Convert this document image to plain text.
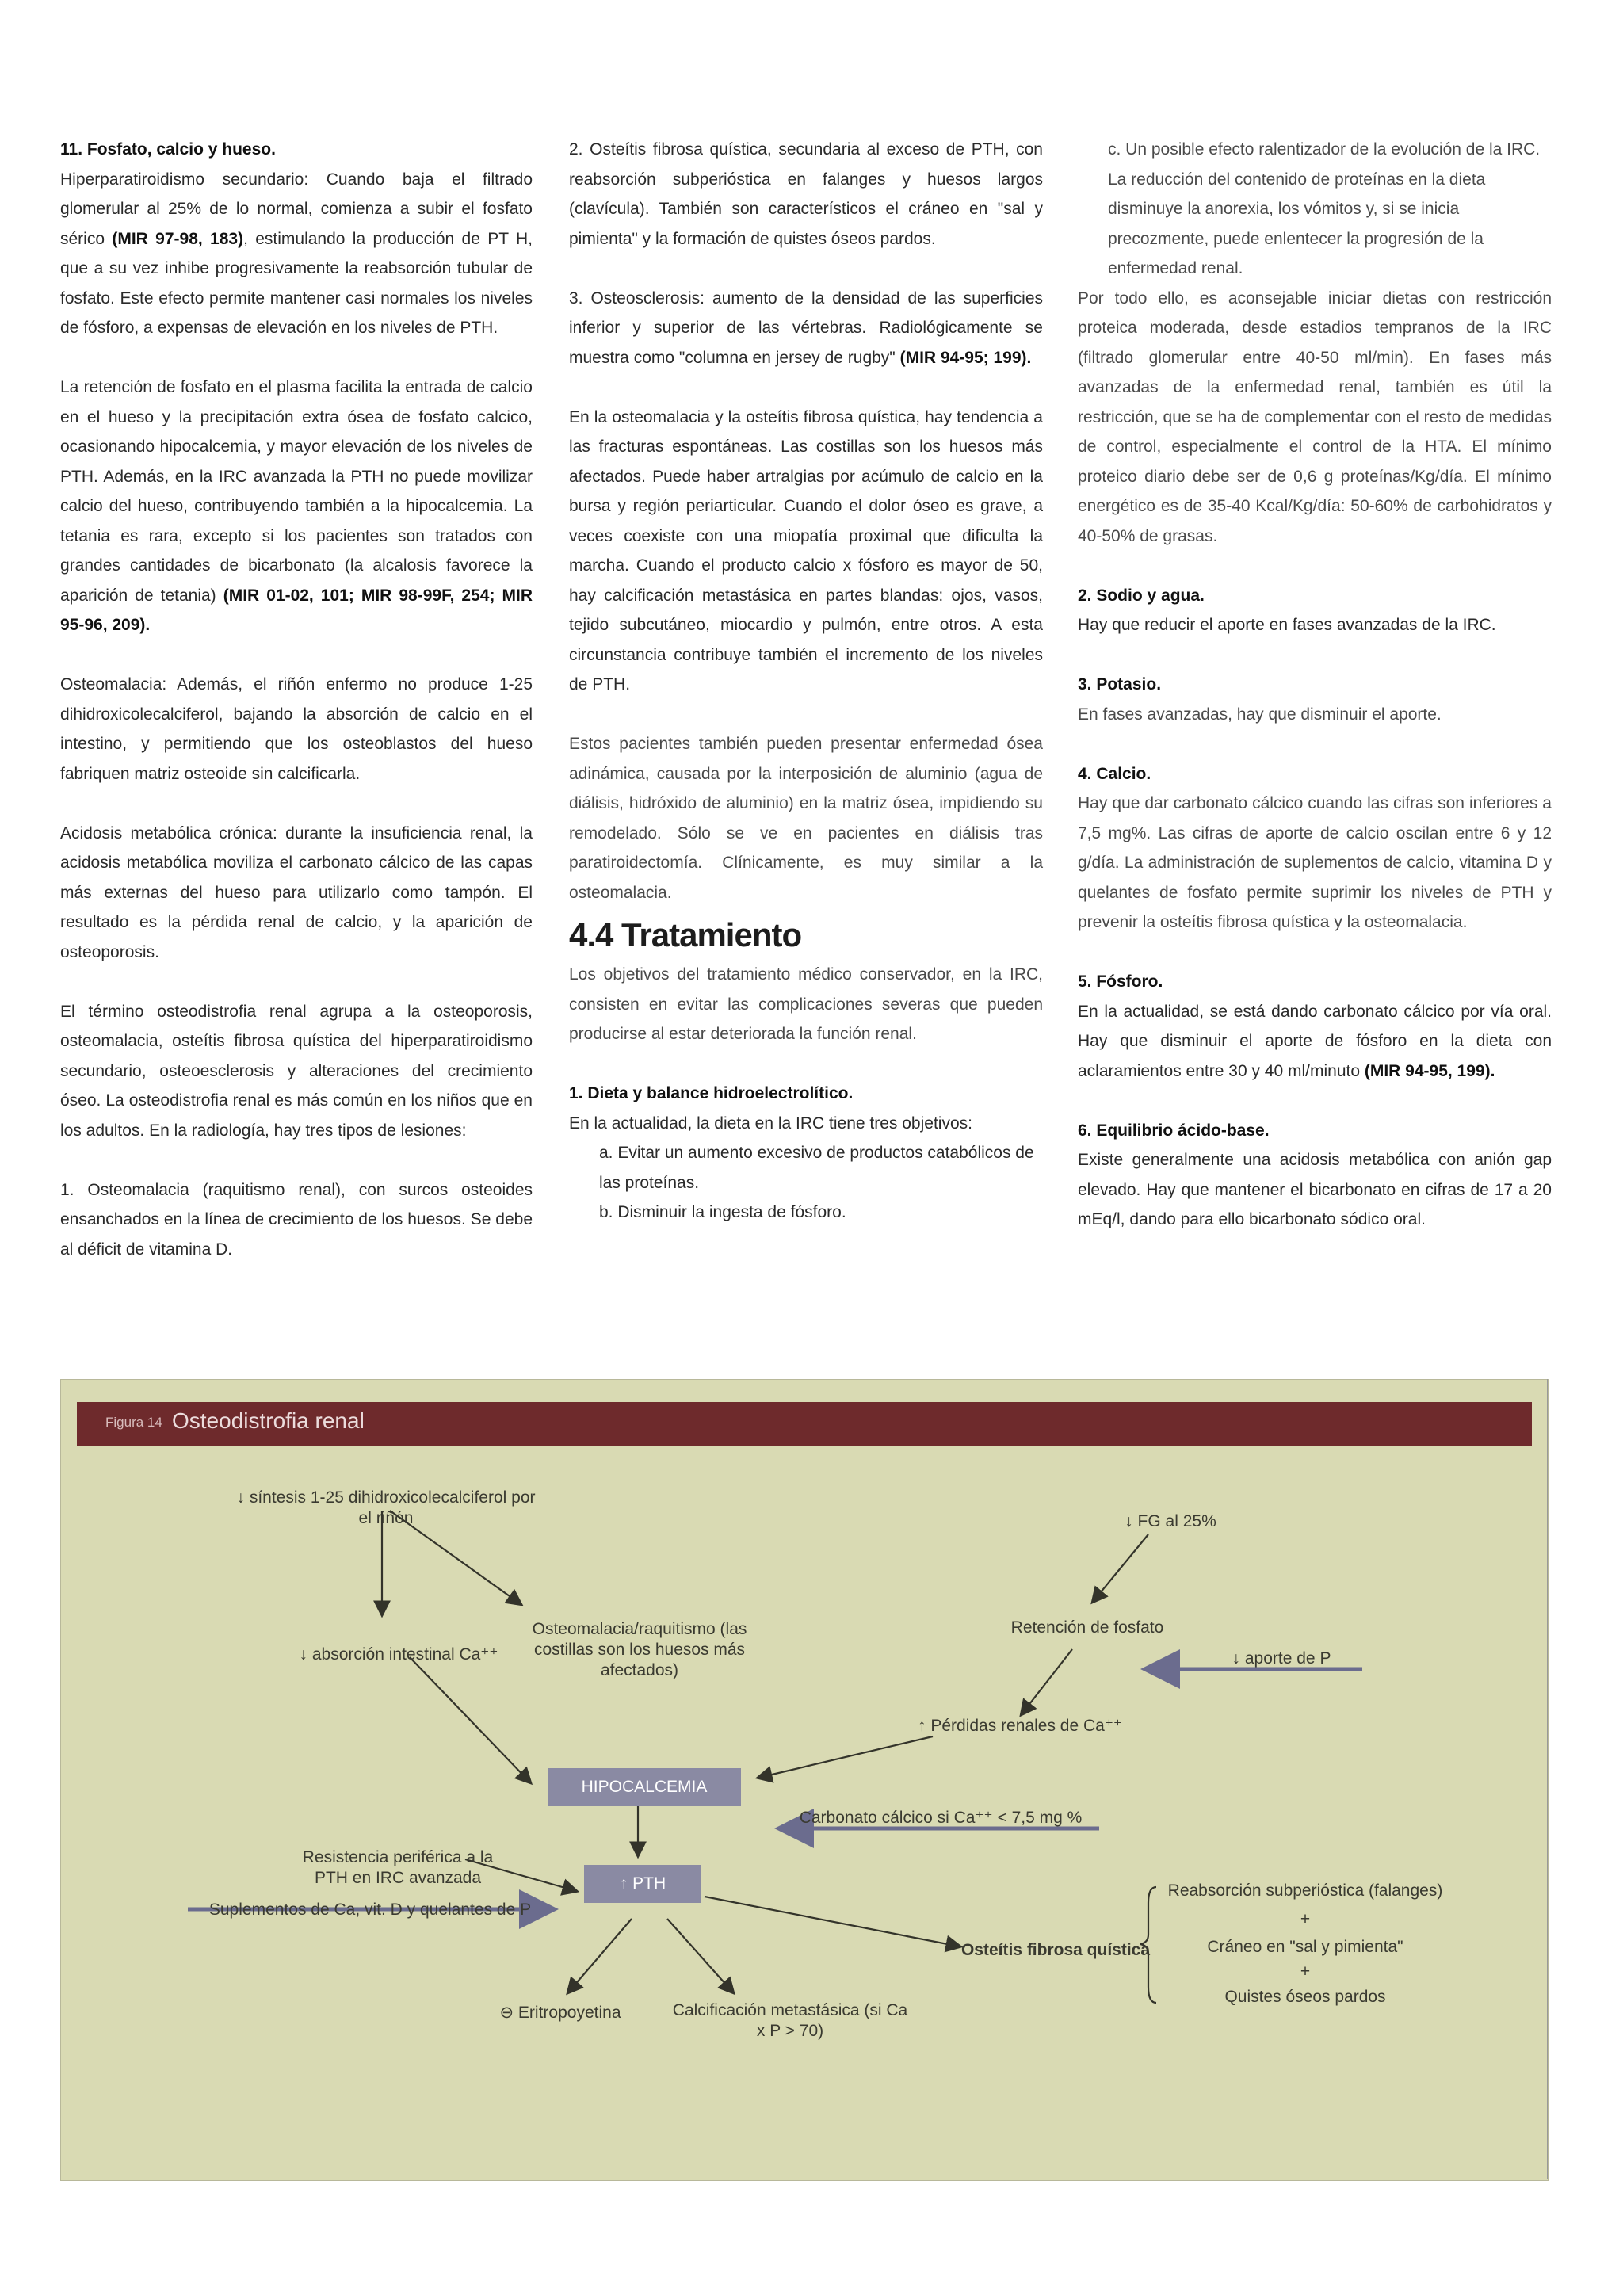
11. Fosfato, calcio y hueso.

Hiperparatiroidismo secundario: Cuando baja el filtrado glomerular al 25% de lo normal, comienza a subir el fosfato sérico (MIR 97-98, 183), estimulando la producción de PT H, que a su vez inhibe progresivamente la reabsorción tubular de fosfato. Este efecto permite mantener casi normales los niveles de fósforo, a expensas de elevación en los niveles de PTH.

La retención de fosfato en el plasma facilita la entrada de calcio en el hueso y la precipitación extra ósea de fosfato calcico, ocasionando hipocalcemia, y mayor elevación de los niveles de PTH. Además, en la IRC avanzada la PTH no puede movilizar calcio del hueso, contribuyendo también a la hipocalcemia. La tetania es rara, excepto si los pacientes son tratados con grandes cantidades de bicarbonato (la alcalosis favorece la aparición de tetania) (MIR 01-02, 101; MIR 98-99F, 254; MIR 95-96, 209).

Osteomalacia: Además, el riñón enfermo no produce 1-25 dihidroxicolecalciferol, bajando la absorción de calcio en el intestino, y permitiendo que los osteoblastos del hueso fabriquen matriz osteoide sin calcificarla.

Acidosis metabólica crónica: durante la insuficiencia renal, la acidosis metabólica moviliza el carbonato cálcico de las capas más externas del hueso para utilizarlo como tampón. El resultado es la pérdida renal de calcio, y la aparición de osteoporosis.

El término osteodistrofia renal agrupa a la osteoporosis, osteomalacia, osteítis fibrosa quística del hiperparatiroidismo secundario, osteoesclerosis y alteraciones del crecimiento óseo. La osteodistrofia renal es más común en los niños que en los adultos. En la radiología, hay tres tipos de lesiones:

1. Osteomalacia (raquitismo renal), con surcos osteoides ensanchados en la línea de crecimiento de los huesos. Se debe al déficit de vitamina D.

2. Osteítis fibrosa quística, secundaria al exceso de PTH, con reabsorción subperióstica en falanges y huesos largos (clavícula). También son característicos el cráneo en "sal y pimienta" y la formación de quistes óseos pardos.

3. Osteosclerosis: aumento de la densidad de las superficies inferior y superior de las vértebras. Radiológicamente se muestra como "columna en jersey de rugby" (MIR 94-95; 199).

En la osteomalacia y la osteítis fibrosa quística, hay tendencia a las fracturas espontáneas. Las costillas son los huesos más afectados. Puede haber artralgias por acúmulo de calcio en la bursa y región periarticular. Cuando el dolor óseo es grave, a veces coexiste con una miopatía proximal que dificulta la marcha. Cuando el producto calcio x fósforo es mayor de 50, hay calcificación metastásica en partes blandas: ojos, vasos, tejido subcutáneo, miocardio y pulmón, entre otros. A esta circunstancia contribuye también el incremento de los niveles de PTH.

Estos pacientes también pueden presentar enfermedad ósea adinámica, causada por la interposición de aluminio (agua de diálisis, hidróxido de aluminio) en la matriz ósea, impidiendo su remodelado. Sólo se ve en pacientes en diálisis tras paratiroidectomía. Clínicamente, es muy similar a la osteomalacia.

4.4 Tratamiento

Los objetivos del tratamiento médico conservador, en la IRC, consisten en evitar las complicaciones severas que pueden producirse al estar deteriorada la función renal.

1. Dieta y balance hidroelectrolítico.

En la actualidad, la dieta en la IRC tiene tres objetivos:

a. Evitar un aumento excesivo de productos catabólicos de las proteínas.

b. Disminuir la ingesta de fósforo.

c. Un posible efecto ralentizador de la evolución de la IRC. La reducción del contenido de proteínas en la dieta disminuye la anorexia, los vómitos y, si se inicia precozmente, puede enlentecer la progresión de la enfermedad renal.

Por todo ello, es aconsejable iniciar dietas con restricción proteica moderada, desde estadios tempranos de la IRC (filtrado glomerular entre 40-50 ml/min). En fases más avanzadas de la enfermedad renal, también es útil la restricción, que se ha de complementar con el resto de medidas de control, especialmente el control de la HTA. El mínimo proteico diario debe ser de 0,6 g proteínas/Kg/día. El mínimo energético es de 35-40 Kcal/Kg/día: 50-60% de carbohidratos y 40-50% de grasas.

2. Sodio y agua.

Hay que reducir el aporte en fases avanzadas de la IRC.

3. Potasio.

En fases avanzadas, hay que disminuir el aporte.

4. Calcio.

Hay que dar carbonato cálcico cuando las cifras son inferiores a 7,5 mg%. Las cifras de aporte de calcio oscilan entre 6 y 12 g/día. La administración de suplementos de calcio, vitamina D y quelantes de fosfato permite suprimir los niveles de PTH y prevenir la osteítis fibrosa quística y la osteomalacia.

5. Fósforo.

En la actualidad, se está dando carbonato cálcico por vía oral. Hay que disminuir el aporte de fósforo en la dieta con aclaramientos entre 30 y 40 ml/minuto (MIR 94-95, 199).

6. Equilibrio ácido-base.

Existe generalmente una acidosis metabólica con anión gap elevado. Hay que mantener el bicarbonato en cifras de 17 a 20 mEq/l, dando para ello bicarbonato sódico oral.

Figura 14 Osteodistrofia renal
↓ síntesis 1-25 dihidroxicolecalciferol por el riñón
↓ absorción intestinal Ca⁺⁺
Osteomalacia/raquitismo (las costillas son los huesos más afectados)
↓ FG al 25%
Retención de fosfato
↓ aporte de P
↑ Pérdidas renales de Ca⁺⁺
HIPOCALCEMIA
Carbonato cálcico si Ca⁺⁺ < 7,5 mg %
Resistencia periférica a la PTH en IRC avanzada	↑ PTH
Suplementos de Ca, vit. D y quelantes de P
Osteítis fibrosa quística
Reabsorción subperióstica (falanges)
+
Cráneo en "sal y pimienta"
+
Quistes óseos pardos
⊖ Eritropoyetina	Calcificación metastásica (si Ca x P > 70)
